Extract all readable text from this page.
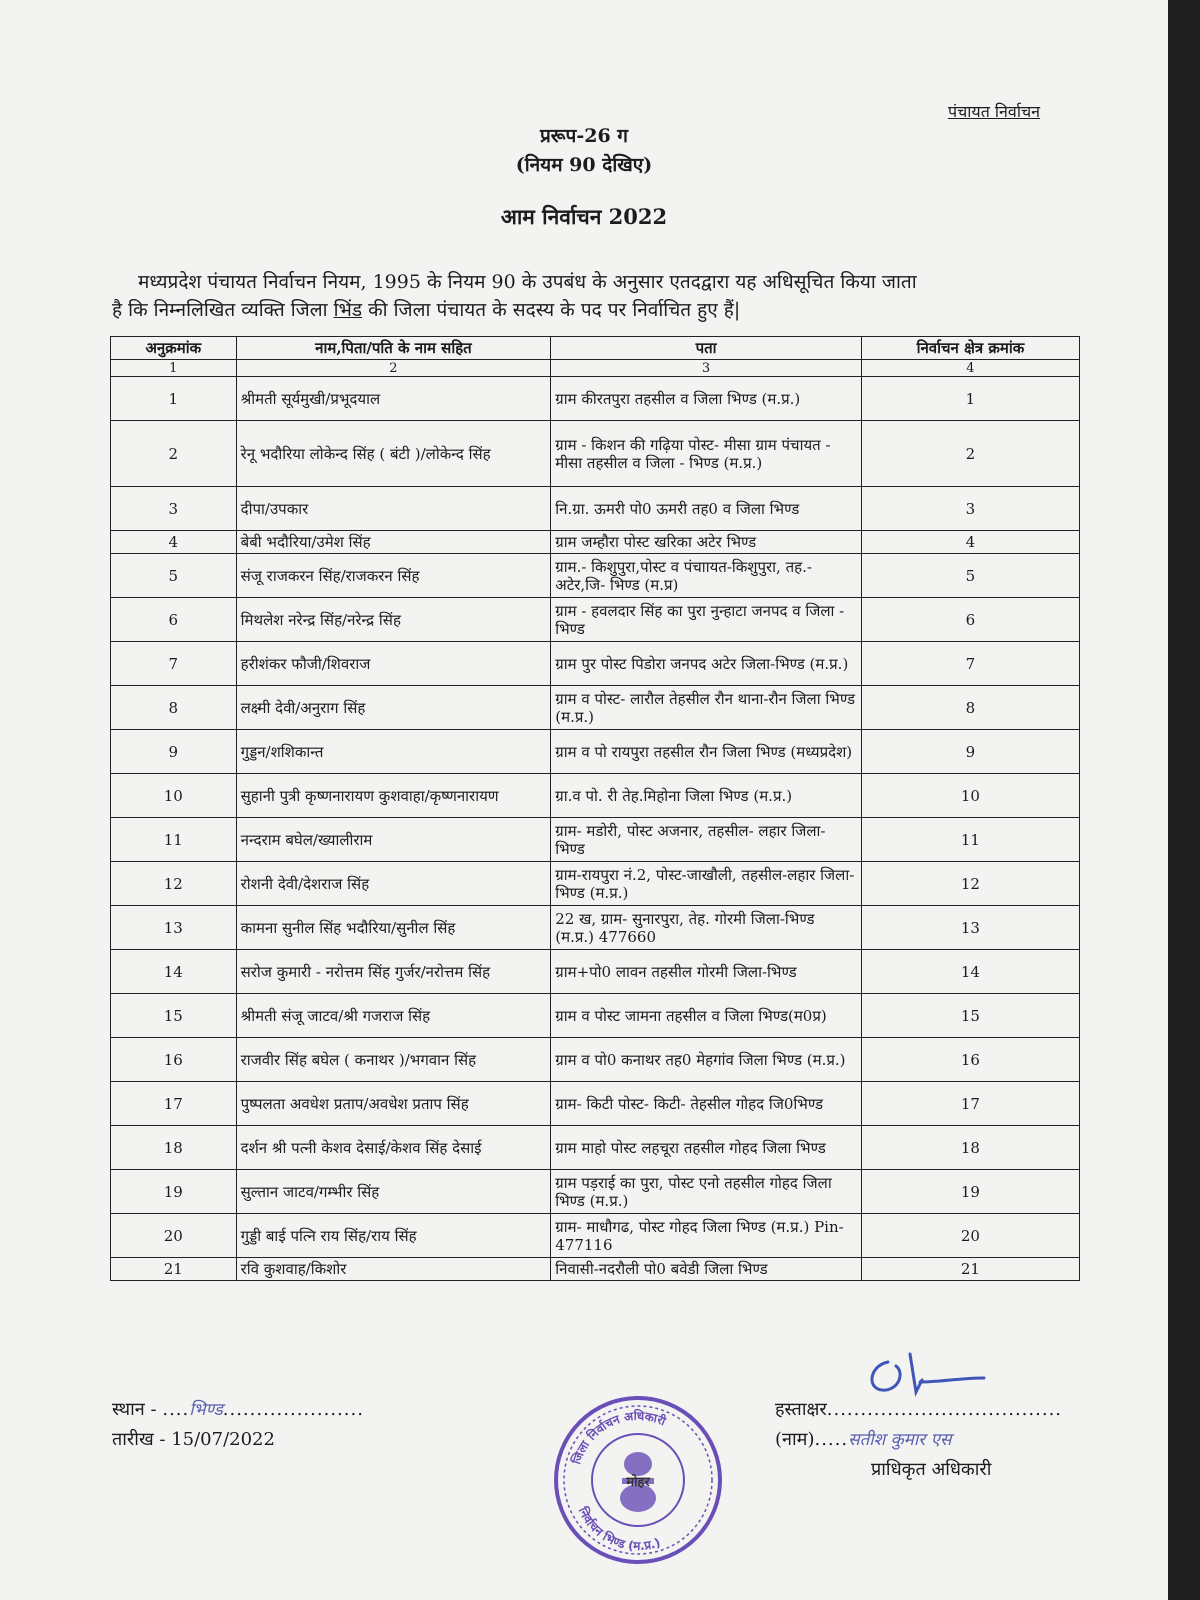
पंचायत निर्वाचन
प्ररूप-26 ग
(नियम 90 देखिए)
आम निर्वाचन 2022
मध्यप्रदेश पंचायत निर्वाचन नियम, 1995 के नियम 90 के उपबंध के अनुसार एतदद्वारा यह अधिसूचित किया जाता
है कि निम्नलिखित व्यक्ति जिला भिंड की जिला पंचायत के सदस्य के पद पर निर्वाचित हुए हैं|
अनुक्रमांक	नाम,पिता/पति के नाम सहित	पता	निर्वाचन क्षेत्र क्रमांक
1	2	3	4
1	श्रीमती सूर्यमुखी/प्रभूदयाल	ग्राम कीरतपुरा तहसील व जिला भिण्ड (म.प्र.)	1
2	रेनू भदौरिया लोकेन्द सिंह ( बंटी )/लोकेन्द सिंह	ग्राम - किशन की गढ़िया पोस्ट- मीसा ग्राम पंचायत - मीसा तहसील व जिला - भिण्ड (म.प्र.)	2
3	दीपा/उपकार	नि.ग्रा. ऊमरी पो0 ऊमरी तह0 व जिला भिण्ड	3
4	बेबी भदौरिया/उमेश सिंह	ग्राम जम्हौरा पोस्ट खरिका अटेर भिण्ड	4
5	संजू राजकरन सिंह/राजकरन सिंह	ग्राम.- किशुपुरा,पोस्ट व पंचाायत-किशुपुरा, तह.- अटेर,जि- भिण्ड (म.प्र)	5
6	मिथलेश नरेन्द्र सिंह/नरेन्द्र सिंह	ग्राम - हवलदार सिंह का पुरा नुन्हाटा जनपद व जिला - भिण्ड	6
7	हरीशंकर फौजी/शिवराज	ग्राम पुर पोस्ट पिडोरा जनपद अटेर जिला-भिण्ड (म.प्र.)	7
8	लक्ष्मी देवी/अनुराग सिंह	ग्राम व पोस्ट- लारौल तेहसील रौन थाना-रौन जिला भिण्ड (म.प्र.)	8
9	गुड्डन/शशिकान्त	ग्राम व पो रायपुरा तहसील रौन जिला भिण्ड (मध्यप्रदेश)	9
10	सुहानी पुत्री कृष्णनारायण कुशवाहा/कृष्णनारायण	ग्रा.व पो. री तेह.मिहोना जिला भिण्ड (म.प्र.)	10
11	नन्दराम बघेल/ख्यालीराम	ग्राम- मडोरी, पोस्ट अजनार, तहसील- लहार जिला- भिण्ड	11
12	रोशनी देवी/देशराज सिंह	ग्राम-रायपुरा नं.2, पोस्ट-जाखौली, तहसील-लहार जिला-भिण्ड (म.प्र.)	12
13	कामना सुनील सिंह भदौरिया/सुनील सिंह	22 ख, ग्राम- सुनारपुरा, तेह. गोरमी जिला-भिण्ड (म.प्र.) 477660	13
14	सरोज कुमारी - नरोत्तम सिंह गुर्जर/नरोत्तम सिंह	ग्राम+पो0 लावन तहसील गोरमी जिला-भिण्ड	14
15	श्रीमती संजू जाटव/श्री गजराज सिंह	ग्राम व पोस्ट जामना तहसील व जिला भिण्ड(म0प्र)	15
16	राजवीर सिंह बघेल ( कनाथर )/भगवान सिंह	ग्राम व पो0 कनाथर तह0 मेहगांव जिला भिण्ड (म.प्र.)	16
17	पुष्पलता अवधेश प्रताप/अवधेश प्रताप सिंह	ग्राम- किटी पोस्ट- किटी- तेहसील गोहद जि0भिण्ड	17
18	दर्शन श्री पत्नी केशव देसाई/केशव सिंह देसाई	ग्राम माहो पोस्ट लहचूरा तहसील गोहद जिला भिण्ड	18
19	सुल्तान जाटव/गम्भीर सिंह	ग्राम पड़राई का पुरा, पोस्ट एनो तहसील गोहद जिला भिण्ड (म.प्र.)	19
20	गुड्डी बाई पत्नि राय सिंह/राय सिंह	ग्राम- माधौगढ, पोस्ट गोहद जिला भिण्ड (म.प्र.) Pin- 477116	20
21	रवि कुशवाह/किशोर	निवासी-नदरौली पो0 बवेडी जिला भिण्ड	21
स्थान - ....भिण्ड.....................
तारीख - 15/07/2022
जिला निर्वाचन अधिकारी
निर्वाचन भिण्ड (म.प्र.)
मोहर
हस्ताक्षर...................................
(नाम).....सतीश कुमार एस
प्राधिकृत अधिकारी
